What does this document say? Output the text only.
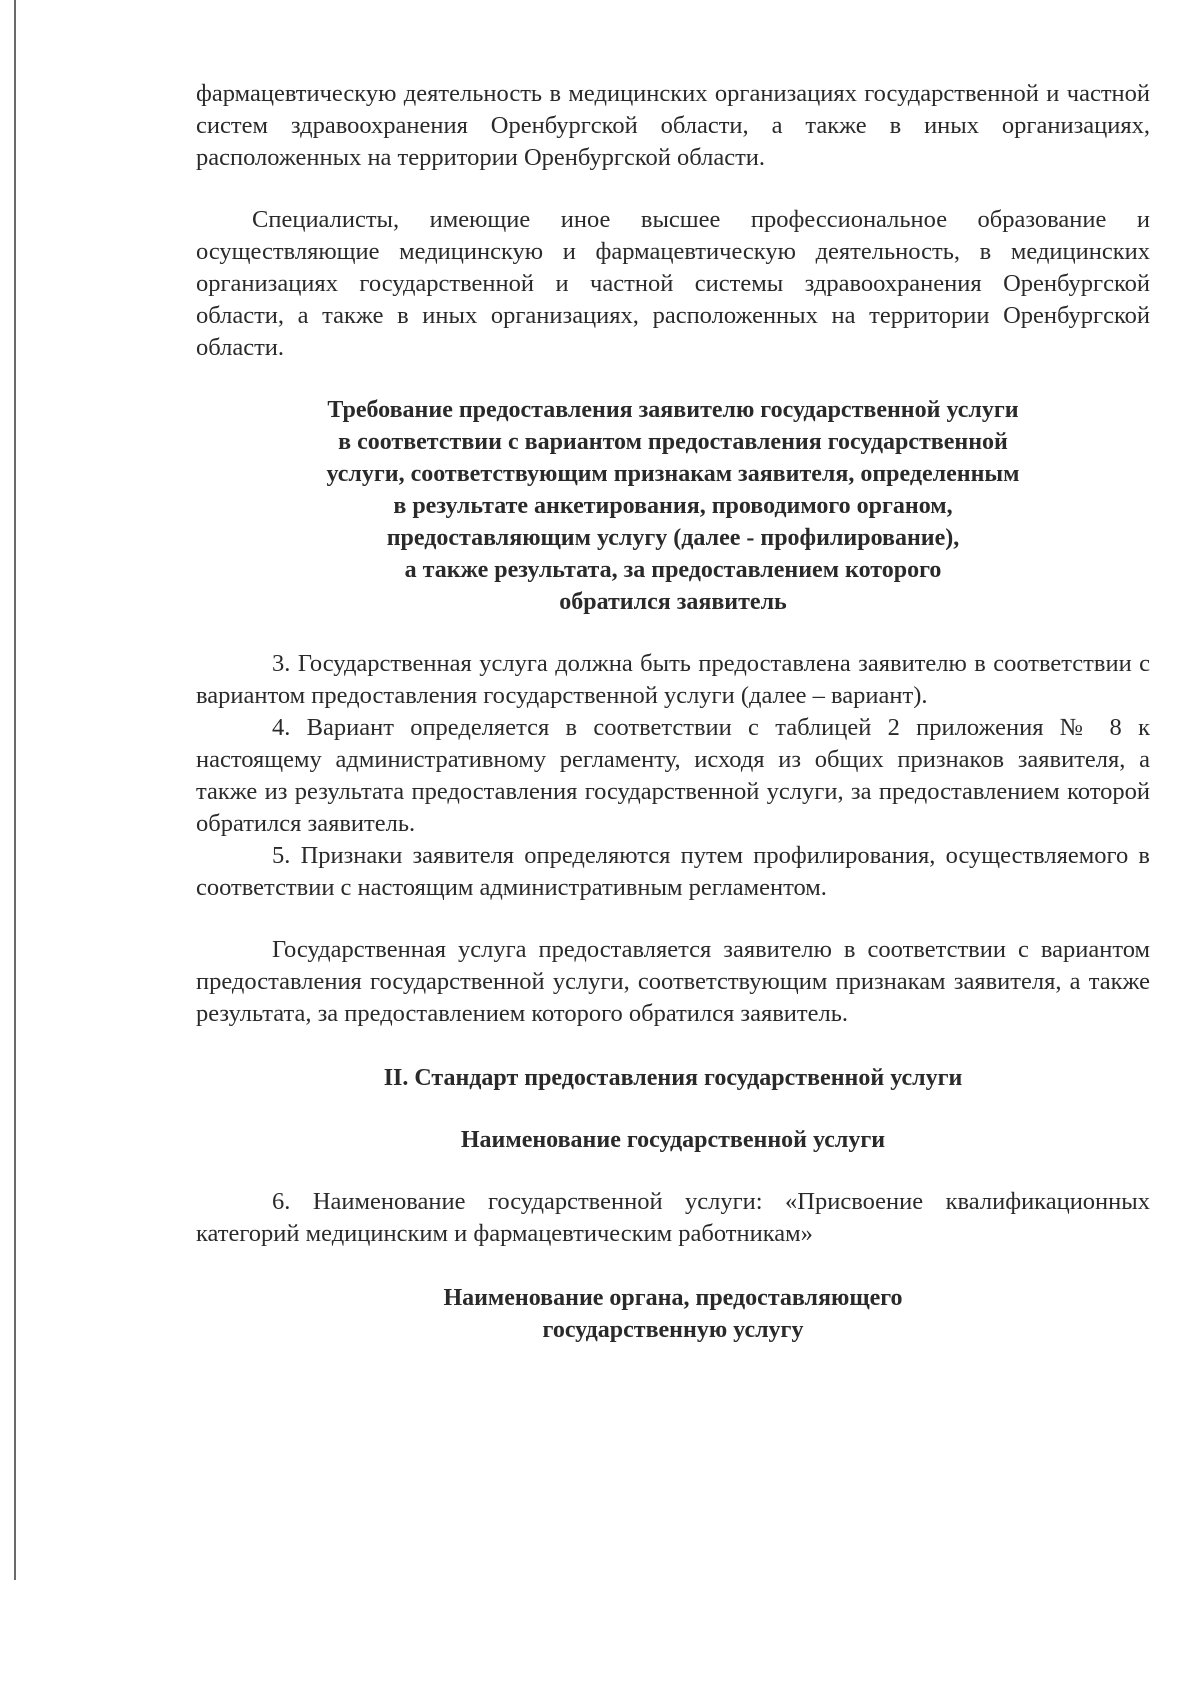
фармацевтическую деятельность в медицинских организациях государственной и частной систем здравоохранения Оренбургской области, а также в иных организациях, расположенных на территории Оренбургской области.

Специалисты, имеющие иное высшее профессиональное образование и осуществляющие медицинскую и фармацевтическую деятельность, в медицинских организациях государственной и частной системы здравоохранения Оренбургской области, а также в иных организациях, расположенных на территории Оренбургской области.

Требование предоставления заявителю государственной услуги
в соответствии с вариантом предоставления государственной
услуги, соответствующим признакам заявителя, определенным
в результате анкетирования, проводимого органом,
предоставляющим услугу (далее - профилирование),
а также результата, за предоставлением которого
обратился заявитель

3. Государственная услуга должна быть предоставлена заявителю в соответствии с вариантом предоставления государственной услуги (далее – вариант).

4. Вариант определяется в соответствии с таблицей 2 приложения № 8 к настоящему административному регламенту, исходя из общих признаков заявителя, а также из результата предоставления государственной услуги, за предоставлением которой обратился заявитель.

5. Признаки заявителя определяются путем профилирования, осуществляемого в соответствии с настоящим административным регламентом.

Государственная услуга предоставляется заявителю в соответствии с вариантом предоставления государственной услуги, соответствующим признакам заявителя, а также результата, за предоставлением которого обратился заявитель.

II. Стандарт предоставления государственной услуги
Наименование государственной услуги

6. Наименование государственной услуги: «Присвоение квалификационных категорий медицинским и фармацевтическим работникам»

Наименование органа, предоставляющего
государственную услугу
